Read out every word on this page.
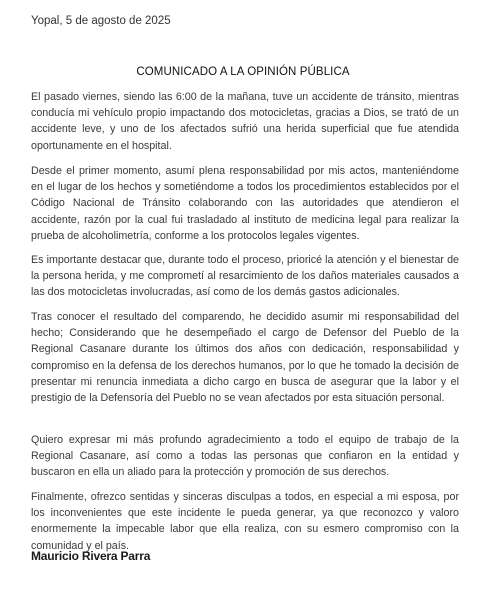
Yopal, 5 de agosto de 2025
COMUNICADO A LA OPINIÓN PÚBLICA

El pasado viernes, siendo las 6:00 de la mañana, tuve un accidente de tránsito, mientras conducía mi vehículo propio impactando dos motocicletas, gracias a Dios, se trató de un accidente leve, y uno de los afectados sufrió una herida superficial que fue atendida oportunamente en el hospital.

Desde el primer momento, asumí plena responsabilidad por mis actos, manteniéndome en el lugar de los hechos y sometiéndome a todos los procedimientos establecidos por el Código Nacional de Tránsito colaborando con las autoridades que atendieron el accidente, razón por la cual fui trasladado al instituto de medicina legal para realizar la prueba de alcoholimetría, conforme a los protocolos legales vigentes.

Es importante destacar que, durante todo el proceso, prioricé la atención y el bienestar de la persona herida, y me comprometí al resarcimiento de los daños materiales causados a las dos motocicletas involucradas, así como de los demás gastos adicionales.

Tras conocer el resultado del comparendo, he decidido asumir mi responsabilidad del hecho; Considerando que he desempeñado el cargo de Defensor del Pueblo de la Regional Casanare durante los últimos dos años con dedicación, responsabilidad y compromiso en la defensa de los derechos humanos, por lo que he tomado la decisión de presentar mi renuncia inmediata a dicho cargo en busca de asegurar que la labor y el prestigio de la Defensoría del Pueblo no se vean afectados por esta situación personal.

Quiero expresar mi más profundo agradecimiento a todo el equipo de trabajo de la Regional Casanare, así como a todas las personas que confiaron en la entidad y buscaron en ella un aliado para la protección y promoción de sus derechos.

Finalmente, ofrezco sentidas y sinceras disculpas a todos, en especial a mi esposa, por los inconvenientes que este incidente le pueda generar, ya que reconozco y valoro enormemente la impecable labor que ella realiza, con su esmero compromiso con la comunidad y el país.

Mauricio Rivera Parra
